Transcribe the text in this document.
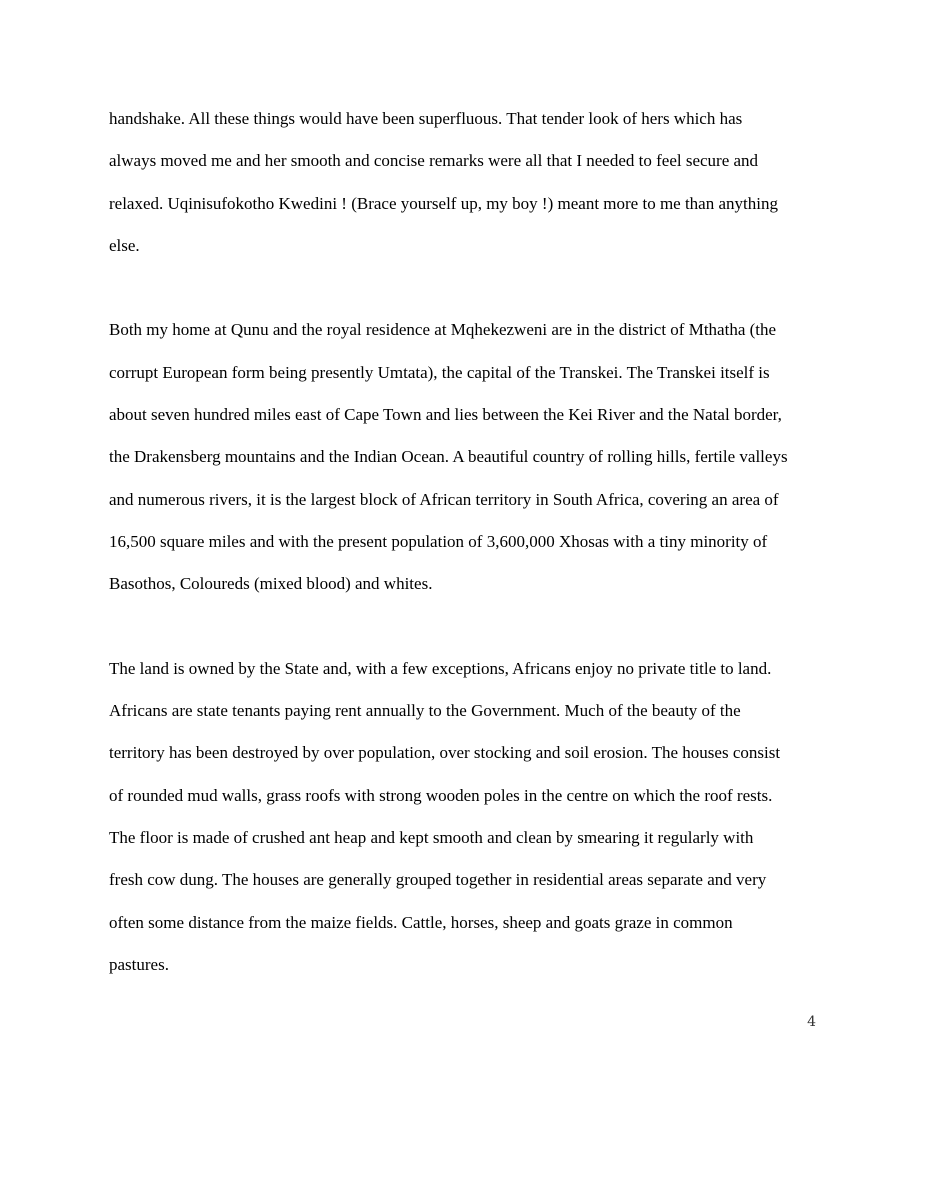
handshake. All these things would have been superfluous. That tender look of hers which has
always moved me and her smooth and concise remarks were all that I needed to feel secure and
relaxed. Uqinisufokotho Kwedini ! (Brace yourself up, my boy !) meant more to me than anything
else.
Both my home at Qunu and the royal residence at Mqhekezweni are in the district of Mthatha (the
corrupt European form being presently Umtata), the capital of the Transkei. The Transkei itself is
about seven hundred miles east of Cape Town and lies between the Kei River and the Natal border,
the Drakensberg mountains and the Indian Ocean. A beautiful country of rolling hills, fertile valleys
and numerous rivers, it is the largest block of African territory in South Africa, covering an area of
16,500 square miles and with the present population of 3,600,000 Xhosas with a tiny minority of
Basothos, Coloureds (mixed blood) and whites.
The land is owned by the State and, with a few exceptions, Africans enjoy no private title to land.
Africans are state tenants paying rent annually to the Government. Much of the beauty of the
territory has been destroyed by over population, over stocking and soil erosion. The houses consist
of rounded mud walls, grass roofs with strong wooden poles in the centre on which the roof rests.
The floor is made of crushed ant heap and kept smooth and clean by smearing it regularly with
fresh cow dung. The houses are generally grouped together in residential areas separate and very
often some distance from the maize fields. Cattle, horses, sheep and goats graze in common
pastures.
4
